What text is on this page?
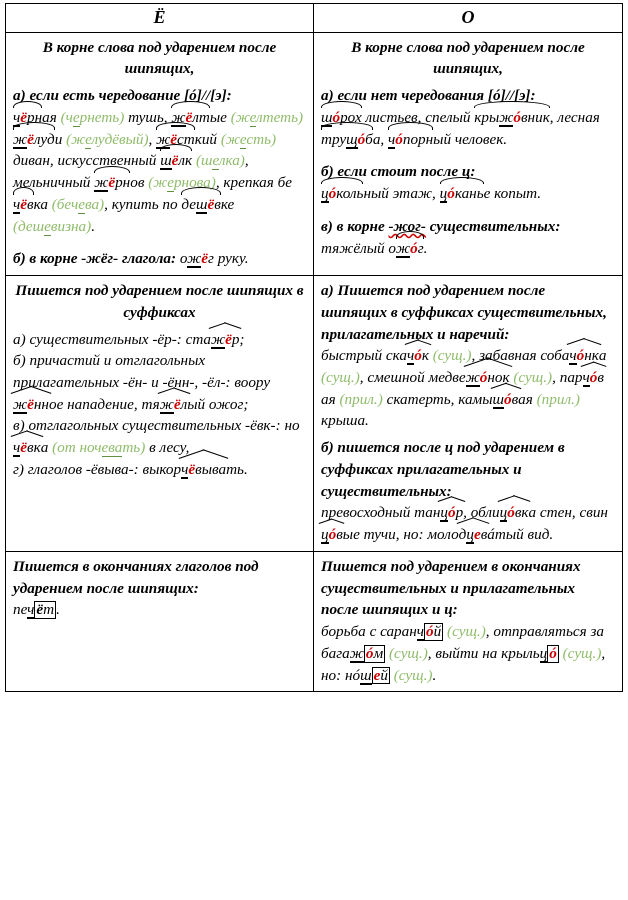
Ё	О
В корне слова под ударением после шипящих,
а) если есть чередование [ó]//[э]:
чёрная (чернеть) тушь,
жёлтые (желтеть)
жёлуди (желудёвый),
жёсткий (жесть) диван, искусственный
шёлк (шелка), мельничный
жёрнов (жернова), крепкая бе
чёвка (бечева), купить по
дешёвке (дешевизна).
б) в корне -жёг- глагола: ожёг руку.
В корне слова под ударением после шипящих,
а) если нет чередования [ó]//[э]:
шóрох листьев, спелый
крыжóвник, лесная
трущóба,
чóпорный человек.
б) если стоит после ц:
цóкольный этаж,
цóканье копыт.
в) в корне -жог- существительных:
тяжёлый о
жóг.
Пишется под ударением после шипящих в суффиксах
а) существительных -ёр-: стa
жёр;
б) причастий и отглагольных прилагательных -ён- и -ённ-, -ёл-: воору
жённое нападение, тя
жёлый ожог;
в) отглагольных существительных -ёвк-: но
чёвка (от ночевать) в лесу,
г) глаголов -ёвыва-: выкор
чёвывать.
а) Пишется под ударением после шипящих в суффиксах существительных, прилагательных и наречий:
быстрый ска
чóк (сущ.), забавная соба
чóнка (сущ.), смешной медве
жóнок (сущ.), пар
чóвая (прил.) скатерть, камы
шóвая (прил.) крыша.
б) пишется после ц под ударением в суффиксах прилагательных и существительных:
превосходный тан
цóр, обли
цóвка стен, свин
цóвые тучи, но: моло
дцевáтый вид.
Пишется в окончаниях глаголов под ударением после шипящих:
печ ёт .
Пишется под ударением в окончаниях существительных и прилагательных после шипящих и ц:
борьба с саранч óй (сущ.), отправляться за багаж óм (сущ.), выйти на крыльц ó (сущ.), но: нóш ей (сущ.).
